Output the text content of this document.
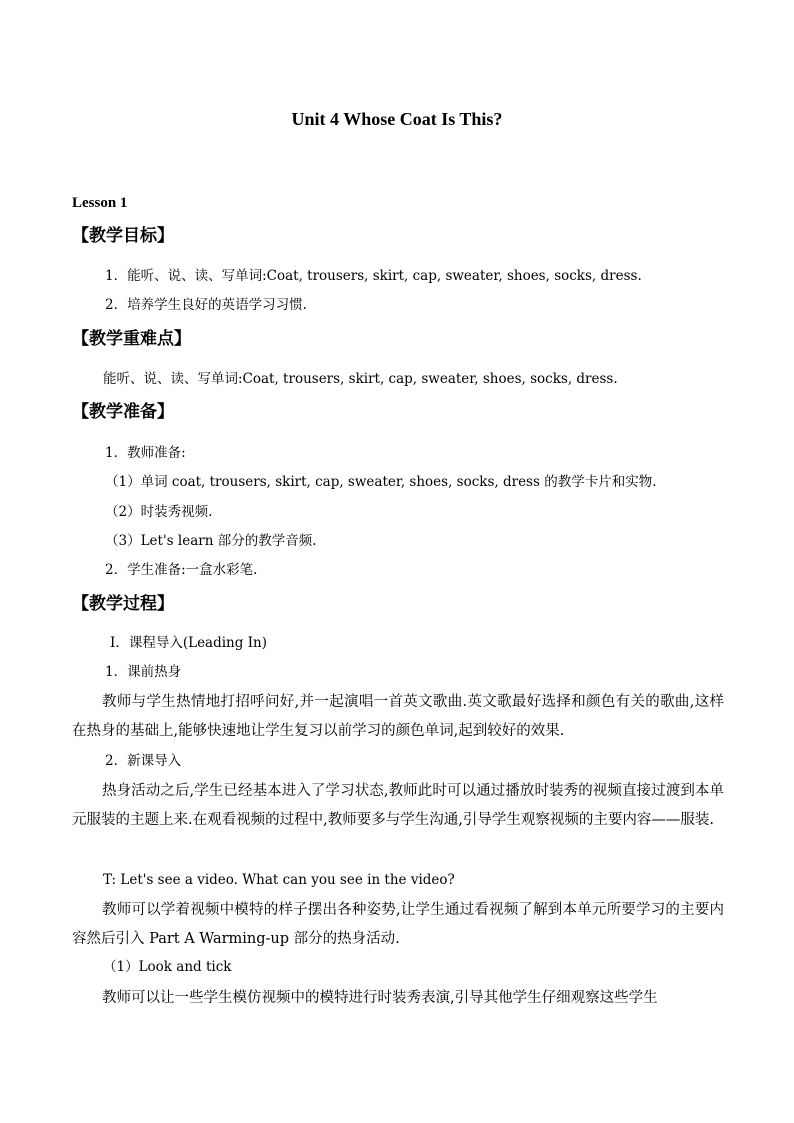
Unit 4 Whose Coat Is This?
Lesson 1
【教学目标】
1．能听、说、读、写单词:Coat, trousers, skirt, cap, sweater, shoes, socks, dress.
2．培养学生良好的英语学习习惯.
【教学重难点】
能听、说、读、写单词:Coat, trousers, skirt, cap, sweater, shoes, socks, dress.
【教学准备】
1．教师准备:
（1）单词 coat, trousers, skirt, cap, sweater, shoes, socks, dress 的教学卡片和实物.
（2）时装秀视频.
（3）Let's learn 部分的教学音频.
2．学生准备:一盒水彩笔.
【教学过程】
Ⅰ．课程导入(Leading In)
1．课前热身
教师与学生热情地打招呼问好,并一起演唱一首英文歌曲.英文歌最好选择和颜色有关的歌曲,这样在热身的基础上,能够快速地让学生复习以前学习的颜色单词,起到较好的效果.
2．新课导入
热身活动之后,学生已经基本进入了学习状态,教师此时可以通过播放时装秀的视频直接过渡到本单元服装的主题上来.在观看视频的过程中,教师要多与学生沟通,引导学生观察视频的主要内容——服装.
T: Let's see a video. What can you see in the video?
教师可以学着视频中模特的样子摆出各种姿势,让学生通过看视频了解到本单元所要学习的主要内容然后引入 Part A Warming-up 部分的热身活动.
（1）Look and tick
教师可以让一些学生模仿视频中的模特进行时装秀表演,引导其他学生仔细观察这些学生
